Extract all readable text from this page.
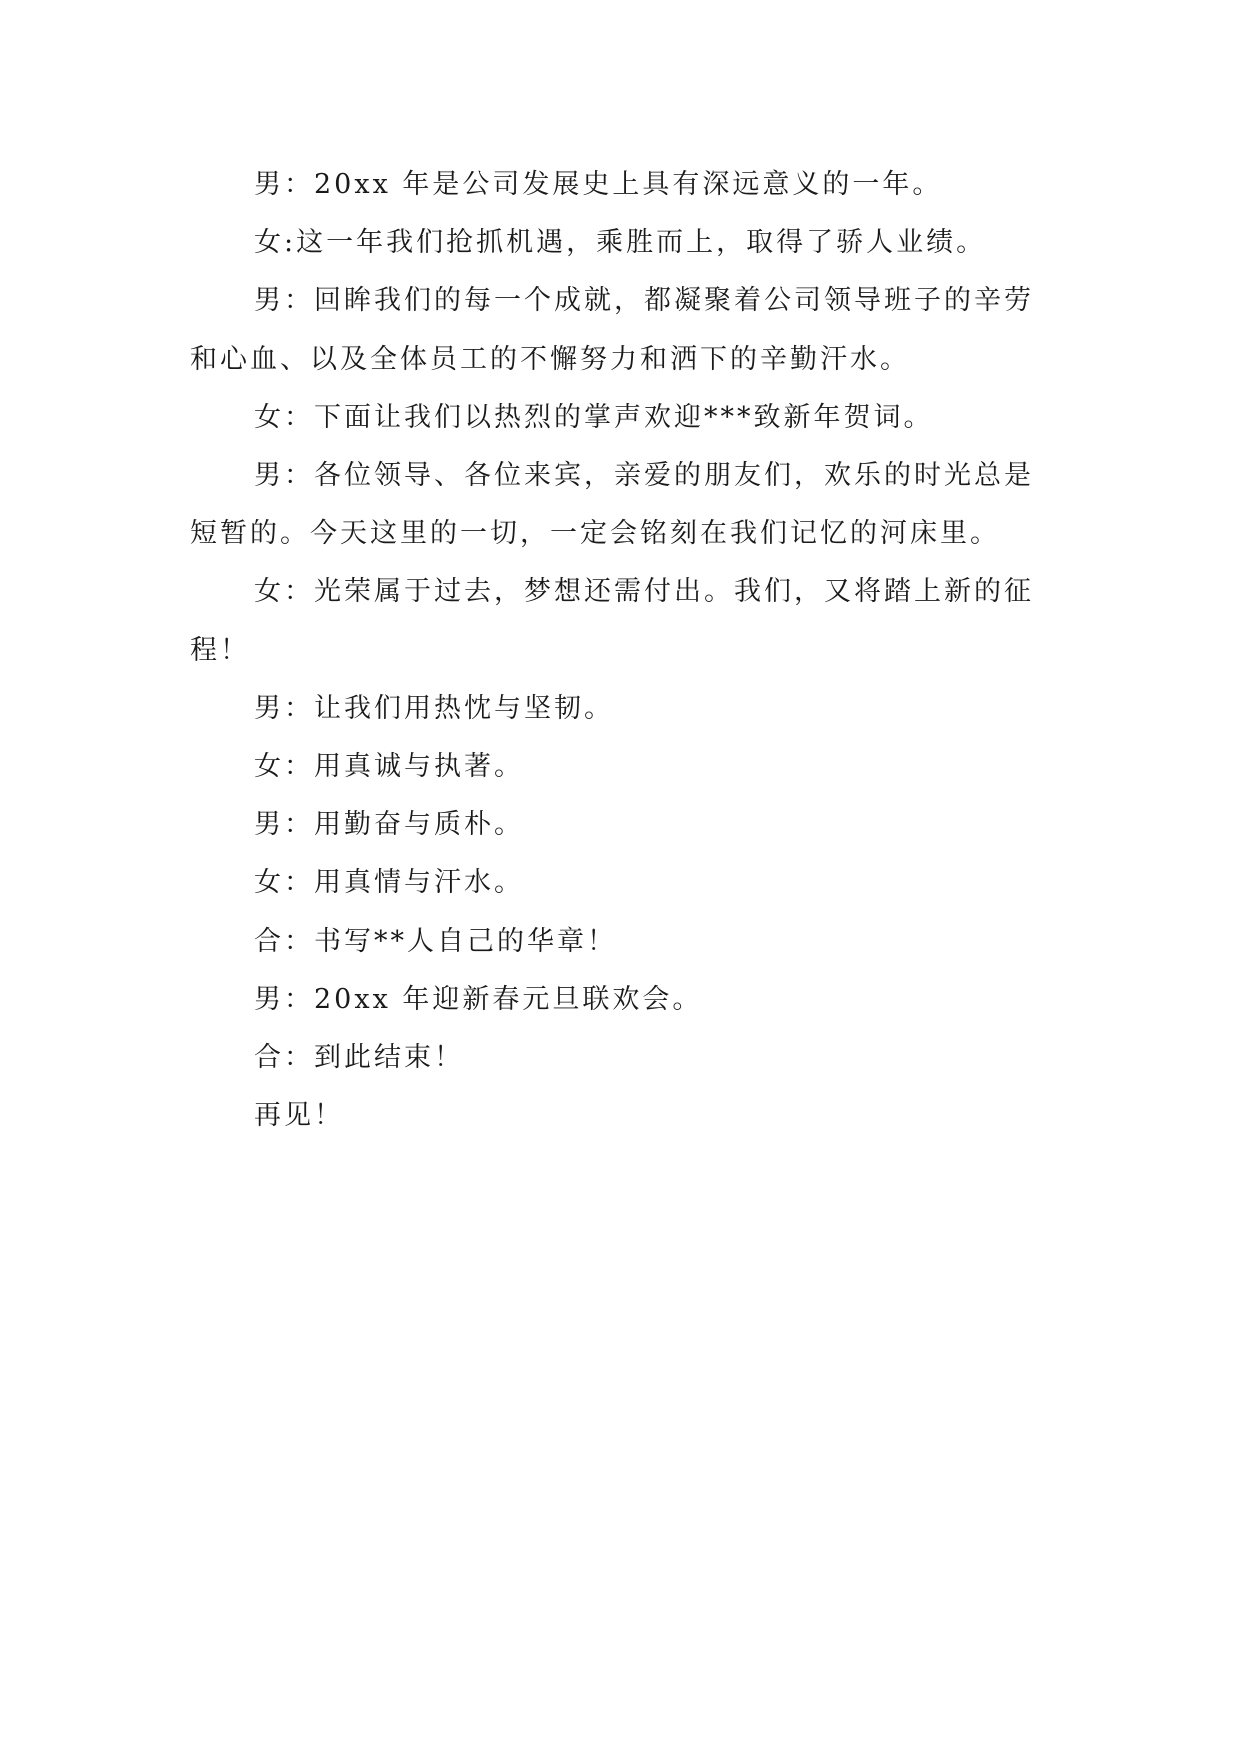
男：20xx 年是公司发展史上具有深远意义的一年。

女:这一年我们抢抓机遇，乘胜而上，取得了骄人业绩。

男：回眸我们的每一个成就，都凝聚着公司领导班子的辛劳和心血、以及全体员工的不懈努力和洒下的辛勤汗水。

女：下面让我们以热烈的掌声欢迎***致新年贺词。

男：各位领导、各位来宾，亲爱的朋友们，欢乐的时光总是短暂的。今天这里的一切，一定会铭刻在我们记忆的河床里。

女：光荣属于过去，梦想还需付出。我们，又将踏上新的征程！

男：让我们用热忱与坚韧。

女：用真诚与执著。

男：用勤奋与质朴。

女：用真情与汗水。

合：书写**人自己的华章！

男：20xx 年迎新春元旦联欢会。

合：到此结束！

再见！
